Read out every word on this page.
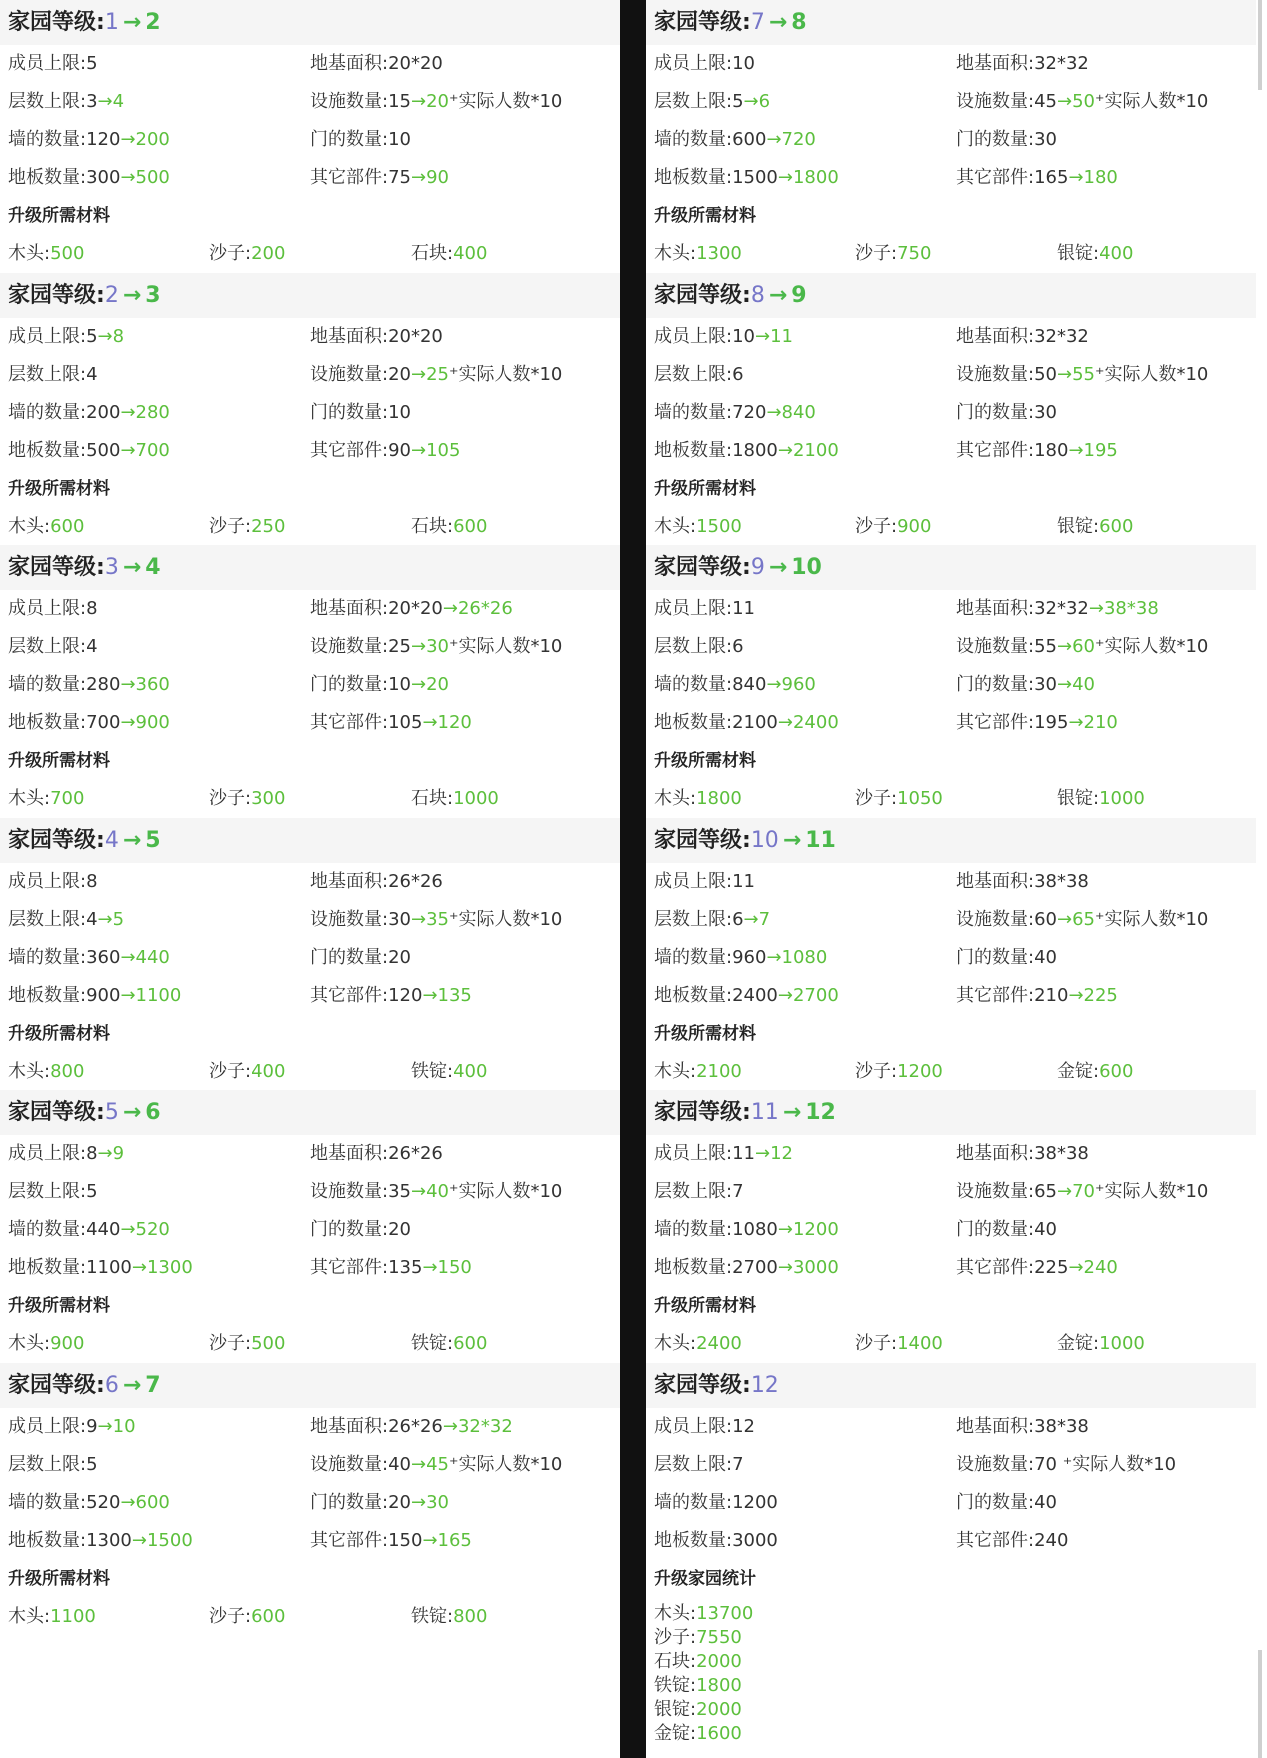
家园等级:1 → 2
成员上限:5	地基面积:20*20
层数上限:3→4	设施数量:15→20⁺实际人数*10
墙的数量:120→200	门的数量:10
地板数量:300→500	其它部件:75→90
升级所需材料
木头:500	沙子:200	石块:400
家园等级:2 → 3
成员上限:5→8	地基面积:20*20
层数上限:4	设施数量:20→25⁺实际人数*10
墙的数量:200→280	门的数量:10
地板数量:500→700	其它部件:90→105
升级所需材料
木头:600	沙子:250	石块:600
家园等级:3 → 4
成员上限:8	地基面积:20*20→26*26
层数上限:4	设施数量:25→30⁺实际人数*10
墙的数量:280→360	门的数量:10→20
地板数量:700→900	其它部件:105→120
升级所需材料
木头:700	沙子:300	石块:1000
家园等级:4 → 5
成员上限:8	地基面积:26*26
层数上限:4→5	设施数量:30→35⁺实际人数*10
墙的数量:360→440	门的数量:20
地板数量:900→1100	其它部件:120→135
升级所需材料
木头:800	沙子:400	铁锭:400
家园等级:5 → 6
成员上限:8→9	地基面积:26*26
层数上限:5	设施数量:35→40⁺实际人数*10
墙的数量:440→520	门的数量:20
地板数量:1100→1300	其它部件:135→150
升级所需材料
木头:900	沙子:500	铁锭:600
家园等级:6 → 7
成员上限:9→10	地基面积:26*26→32*32
层数上限:5	设施数量:40→45⁺实际人数*10
墙的数量:520→600	门的数量:20→30
地板数量:1300→1500	其它部件:150→165
升级所需材料
木头:1100	沙子:600	铁锭:800
家园等级:7 → 8
成员上限:10	地基面积:32*32
层数上限:5→6	设施数量:45→50⁺实际人数*10
墙的数量:600→720	门的数量:30
地板数量:1500→1800	其它部件:165→180
升级所需材料
木头:1300	沙子:750	银锭:400
家园等级:8 → 9
成员上限:10→11	地基面积:32*32
层数上限:6	设施数量:50→55⁺实际人数*10
墙的数量:720→840	门的数量:30
地板数量:1800→2100	其它部件:180→195
升级所需材料
木头:1500	沙子:900	银锭:600
家园等级:9 → 10
成员上限:11	地基面积:32*32→38*38
层数上限:6	设施数量:55→60⁺实际人数*10
墙的数量:840→960	门的数量:30→40
地板数量:2100→2400	其它部件:195→210
升级所需材料
木头:1800	沙子:1050	银锭:1000
家园等级:10 → 11
成员上限:11	地基面积:38*38
层数上限:6→7	设施数量:60→65⁺实际人数*10
墙的数量:960→1080	门的数量:40
地板数量:2400→2700	其它部件:210→225
升级所需材料
木头:2100	沙子:1200	金锭:600
家园等级:11 → 12
成员上限:11→12	地基面积:38*38
层数上限:7	设施数量:65→70⁺实际人数*10
墙的数量:1080→1200	门的数量:40
地板数量:2700→3000	其它部件:225→240
升级所需材料
木头:2400	沙子:1400	金锭:1000
家园等级:12
成员上限:12	地基面积:38*38
层数上限:7	设施数量:70 ⁺实际人数*10
墙的数量:1200	门的数量:40
地板数量:3000	其它部件:240
升级家园统计
木头:13700
沙子:7550
石块:2000
铁锭:1800
银锭:2000
金锭:1600
